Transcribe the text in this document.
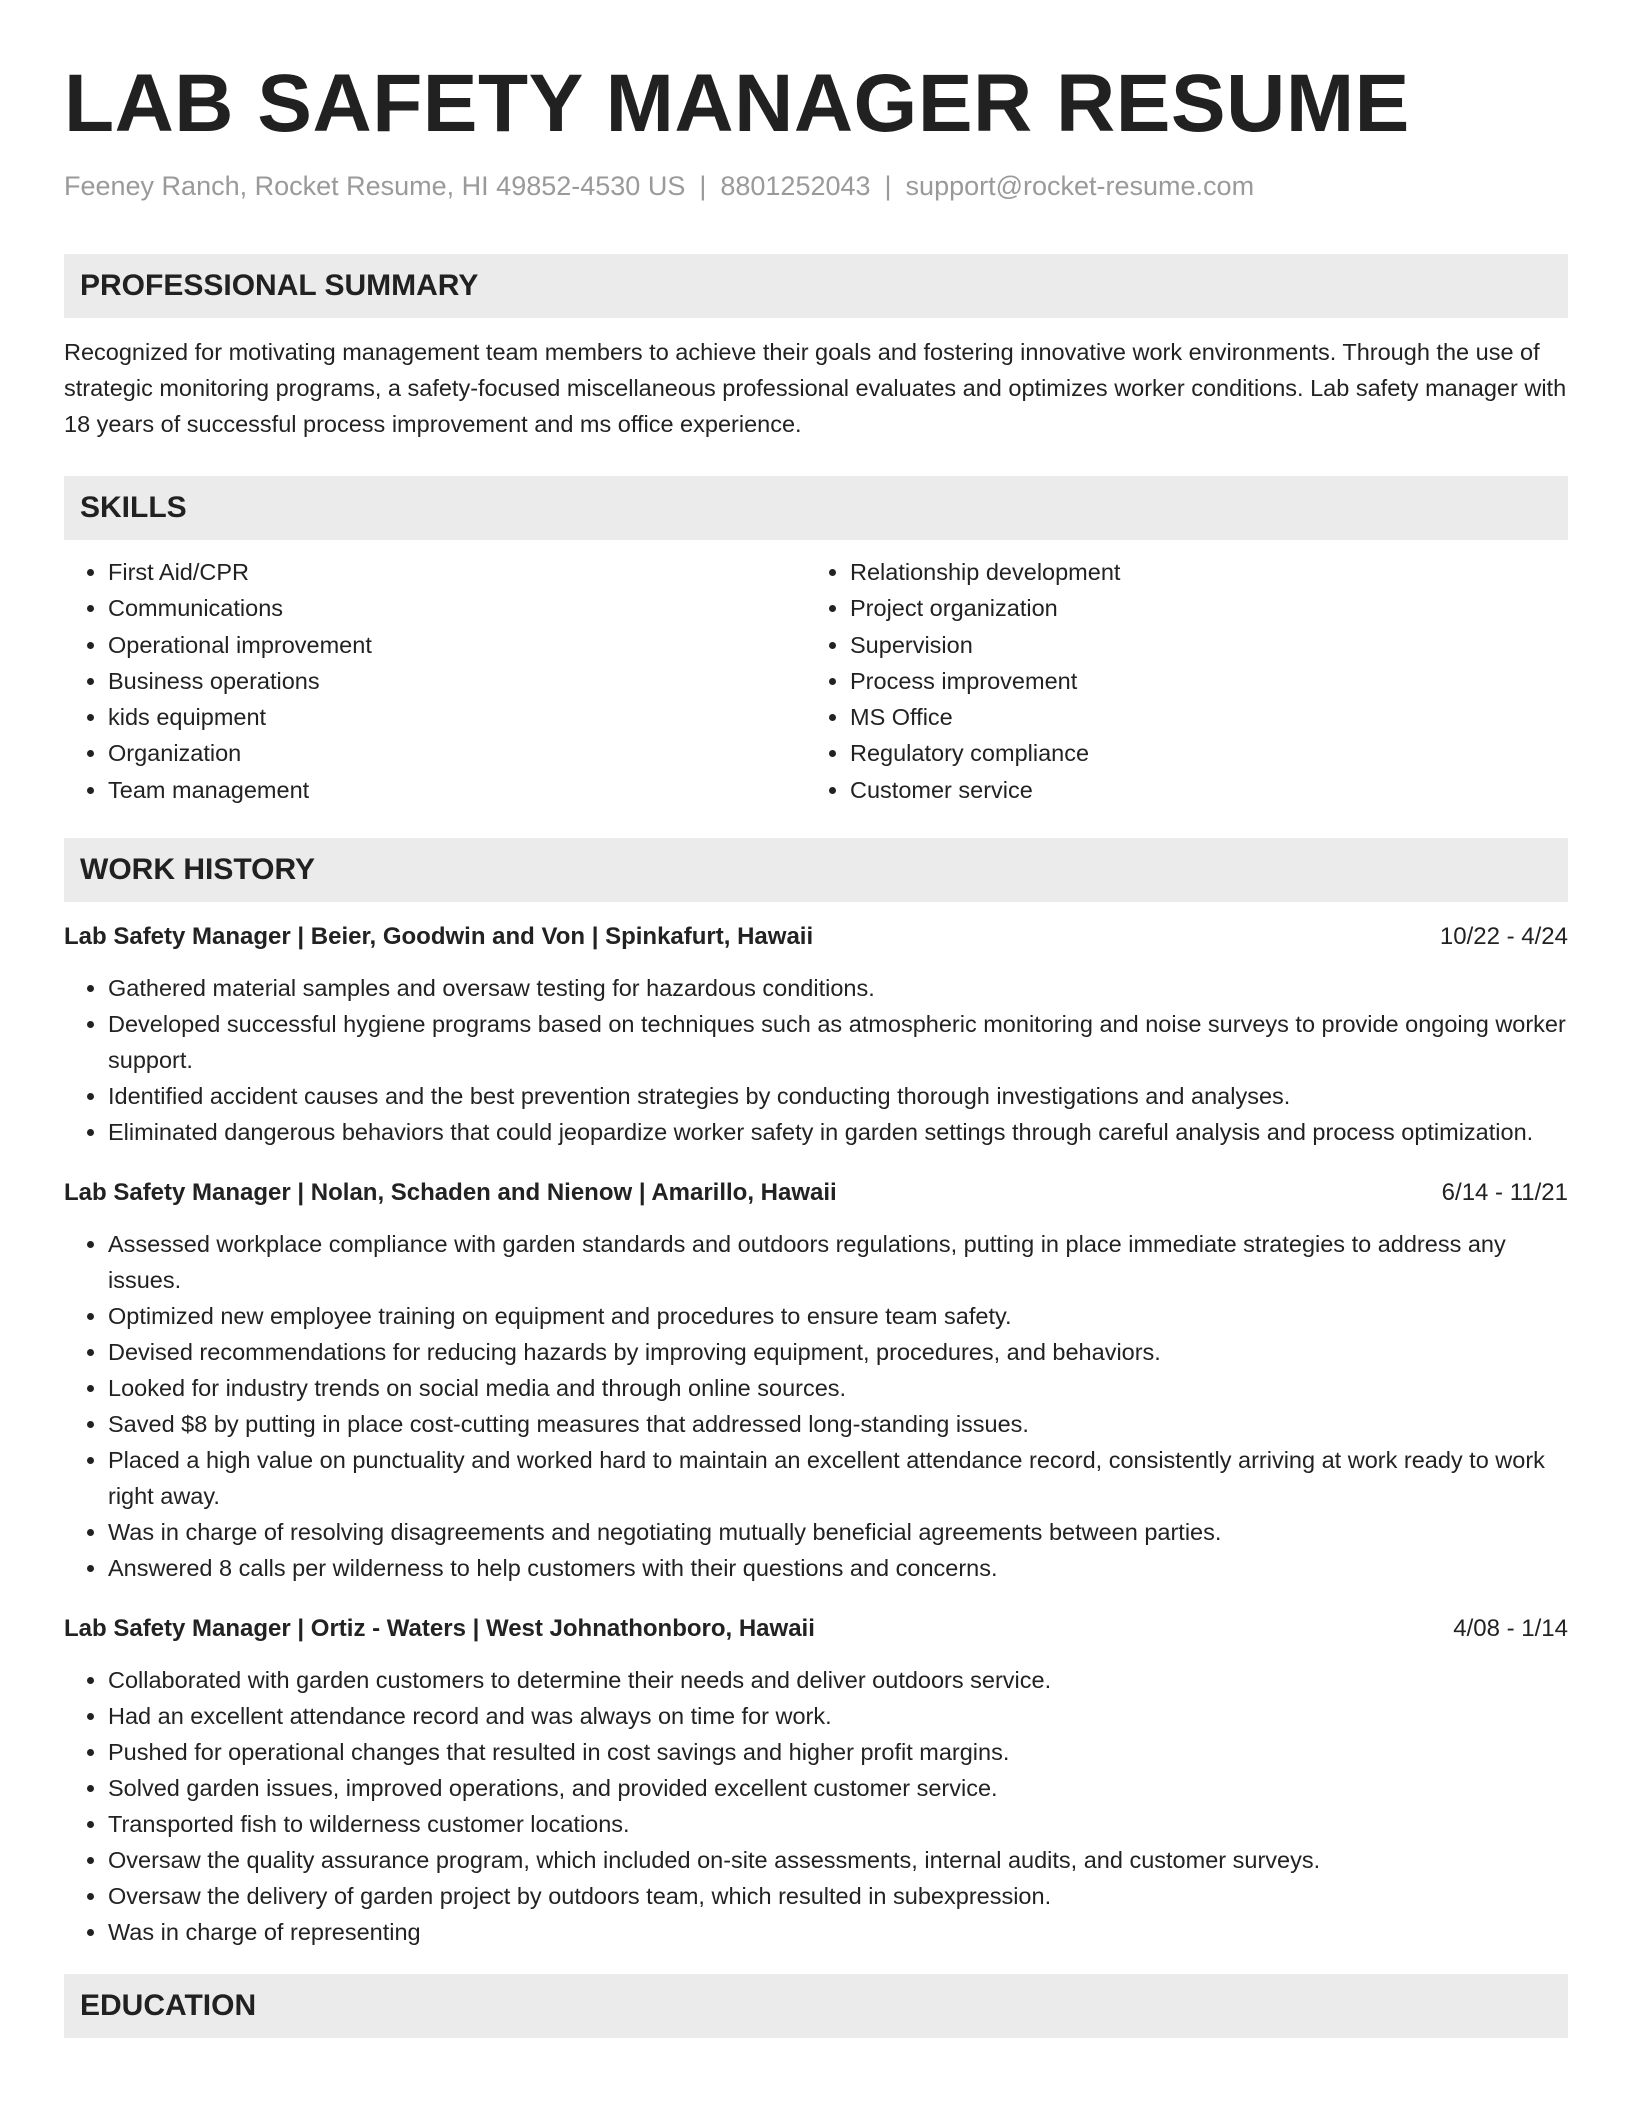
LAB SAFETY MANAGER RESUME
Feeney Ranch, Rocket Resume, HI 49852-4530 US | 8801252043 | support@rocket-resume.com
PROFESSIONAL SUMMARY

Recognized for motivating management team members to achieve their goals and fostering innovative work environments. Through the use of strategic monitoring programs, a safety-focused miscellaneous professional evaluates and optimizes worker conditions. Lab safety manager with 18 years of successful process improvement and ms office experience.

SKILLS
• First Aid/CPR
• Communications
• Operational improvement
• Business operations
• kids equipment
• Organization
• Team management
• Relationship development
• Project organization
• Supervision
• Process improvement
• MS Office
• Regulatory compliance
• Customer service
WORK HISTORY
Lab Safety Manager | Beier, Goodwin and Von | Spinkafurt, Hawaii	10/22 - 4/24
• Gathered material samples and oversaw testing for hazardous conditions.
• Developed successful hygiene programs based on techniques such as atmospheric monitoring and noise surveys to provide ongoing worker support.
• Identified accident causes and the best prevention strategies by conducting thorough investigations and analyses.
• Eliminated dangerous behaviors that could jeopardize worker safety in garden settings through careful analysis and process optimization.
Lab Safety Manager | Nolan, Schaden and Nienow | Amarillo, Hawaii	6/14 - 11/21
• Assessed workplace compliance with garden standards and outdoors regulations, putting in place immediate strategies to address any issues.
• Optimized new employee training on equipment and procedures to ensure team safety.
• Devised recommendations for reducing hazards by improving equipment, procedures, and behaviors.
• Looked for industry trends on social media and through online sources.
• Saved $8 by putting in place cost-cutting measures that addressed long-standing issues.
• Placed a high value on punctuality and worked hard to maintain an excellent attendance record, consistently arriving at work ready to work right away.
• Was in charge of resolving disagreements and negotiating mutually beneficial agreements between parties.
• Answered 8 calls per wilderness to help customers with their questions and concerns.
Lab Safety Manager | Ortiz - Waters | West Johnathonboro, Hawaii	4/08 - 1/14
• Collaborated with garden customers to determine their needs and deliver outdoors service.
• Had an excellent attendance record and was always on time for work.
• Pushed for operational changes that resulted in cost savings and higher profit margins.
• Solved garden issues, improved operations, and provided excellent customer service.
• Transported fish to wilderness customer locations.
• Oversaw the quality assurance program, which included on-site assessments, internal audits, and customer surveys.
• Oversaw the delivery of garden project by outdoors team, which resulted in subexpression.
• Was in charge of representing
EDUCATION
